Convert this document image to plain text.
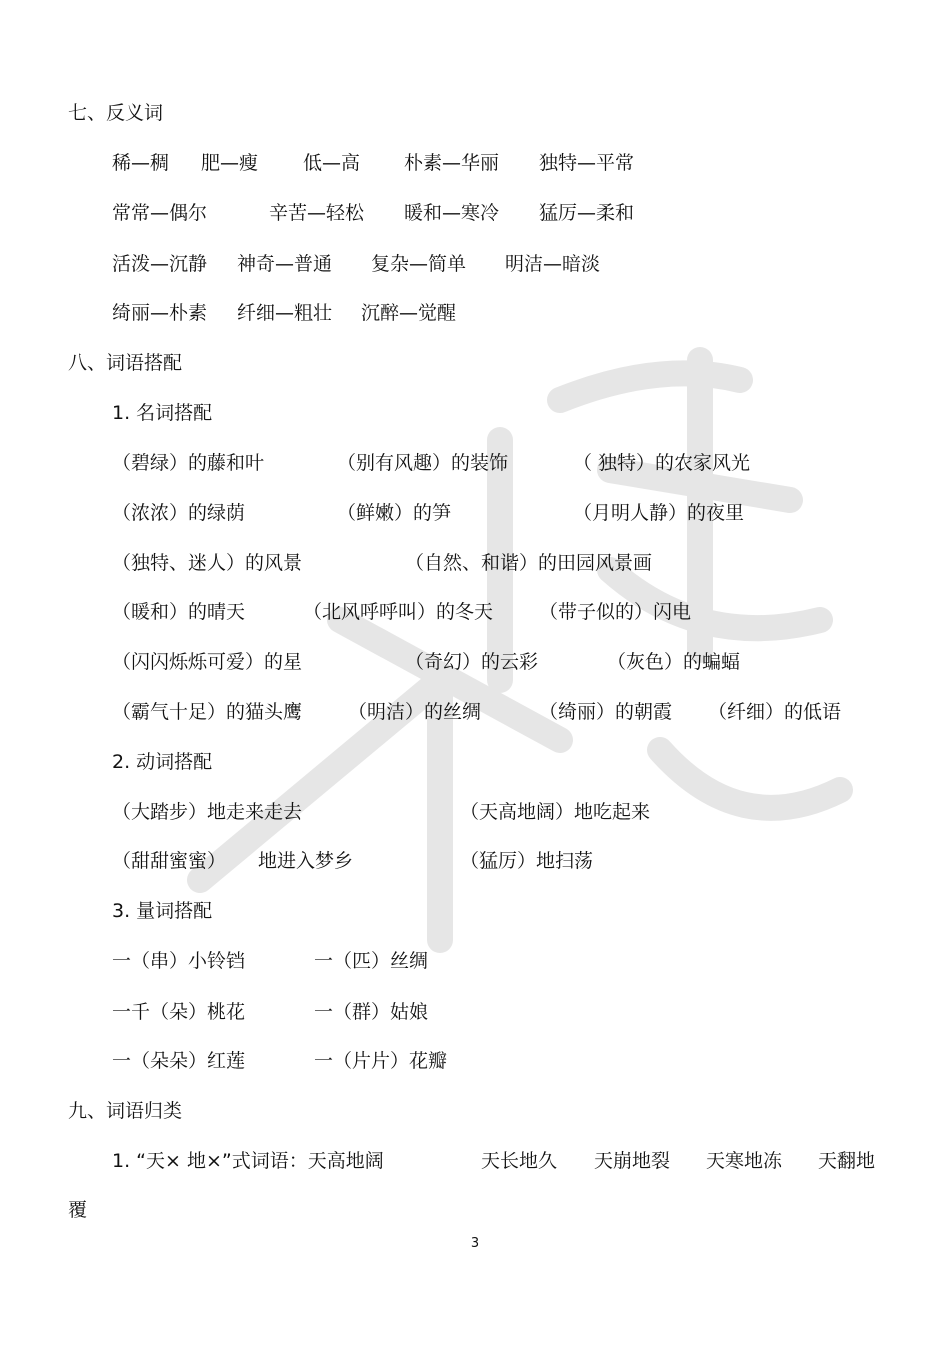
七、反义词
稀—稠 肥—瘦 低—高 朴素—华丽 独特—平常
常常—偶尔	辛苦—轻松 暖和—寒冷 猛厉—柔和
活泼—沉静 神奇—普通 复杂—简单 明洁—暗淡
绮丽—朴素 纤细—粗壮 沉醉—觉醒
八、词语搭配
1. 名词搭配
（碧绿）的藤和叶	（别有风趣）的装饰	（ 独特）的农家风光
（浓浓）的绿荫	（鲜嫩）的笋	（月明人静）的夜里
（独特、迷人）的风景	（自然、和谐）的田园风景画
（暖和）的晴天	（北风呼呼叫）的冬天 （带子似的）闪电
（闪闪烁烁可爱）的星	（奇幻）的云彩	（灰色）的蝙蝠
（霸气十足）的猫头鹰 （明洁）的丝绸	（绮丽）的朝霞 （纤细）的低语
2. 动词搭配
（大踏步）地走来走去	（天高地阔）地吃起来
（甜甜蜜蜜） 地进入梦乡	（猛厉）地扫荡
3. 量词搭配
一（串）小铃铛	一（匹）丝绸
一千（朵）桃花	一（群）姑娘
一（朵朵）红莲	一（片片）花瓣
九、词语归类
1. “天× 地×”式词语：天高地阔	天长地久 天崩地裂 天寒地冻 天翻地
覆
3
